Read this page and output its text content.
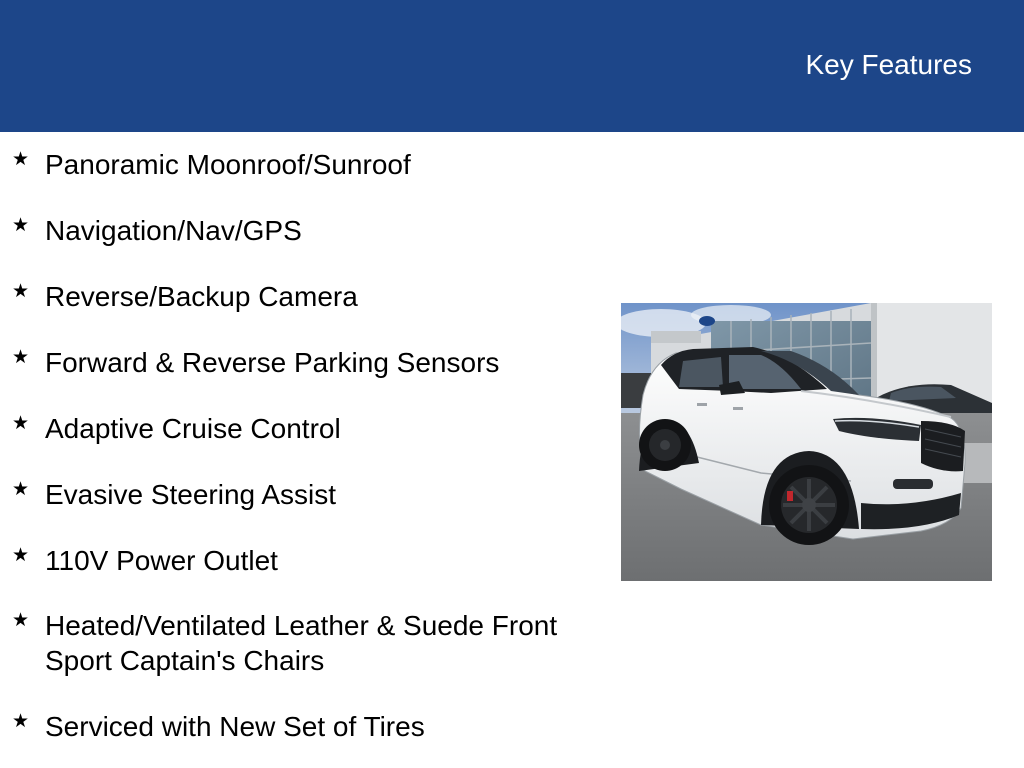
Key Features
★ Panoramic Moonroof/Sunroof
★ Navigation/Nav/GPS
★ Reverse/Backup Camera
★ Forward & Reverse Parking Sensors
★ Adaptive Cruise Control
★ Evasive Steering Assist
★ 110V Power Outlet
★ Heated/Ventilated Leather & Suede Front Sport Captain's Chairs
★ Serviced with New Set of Tires
